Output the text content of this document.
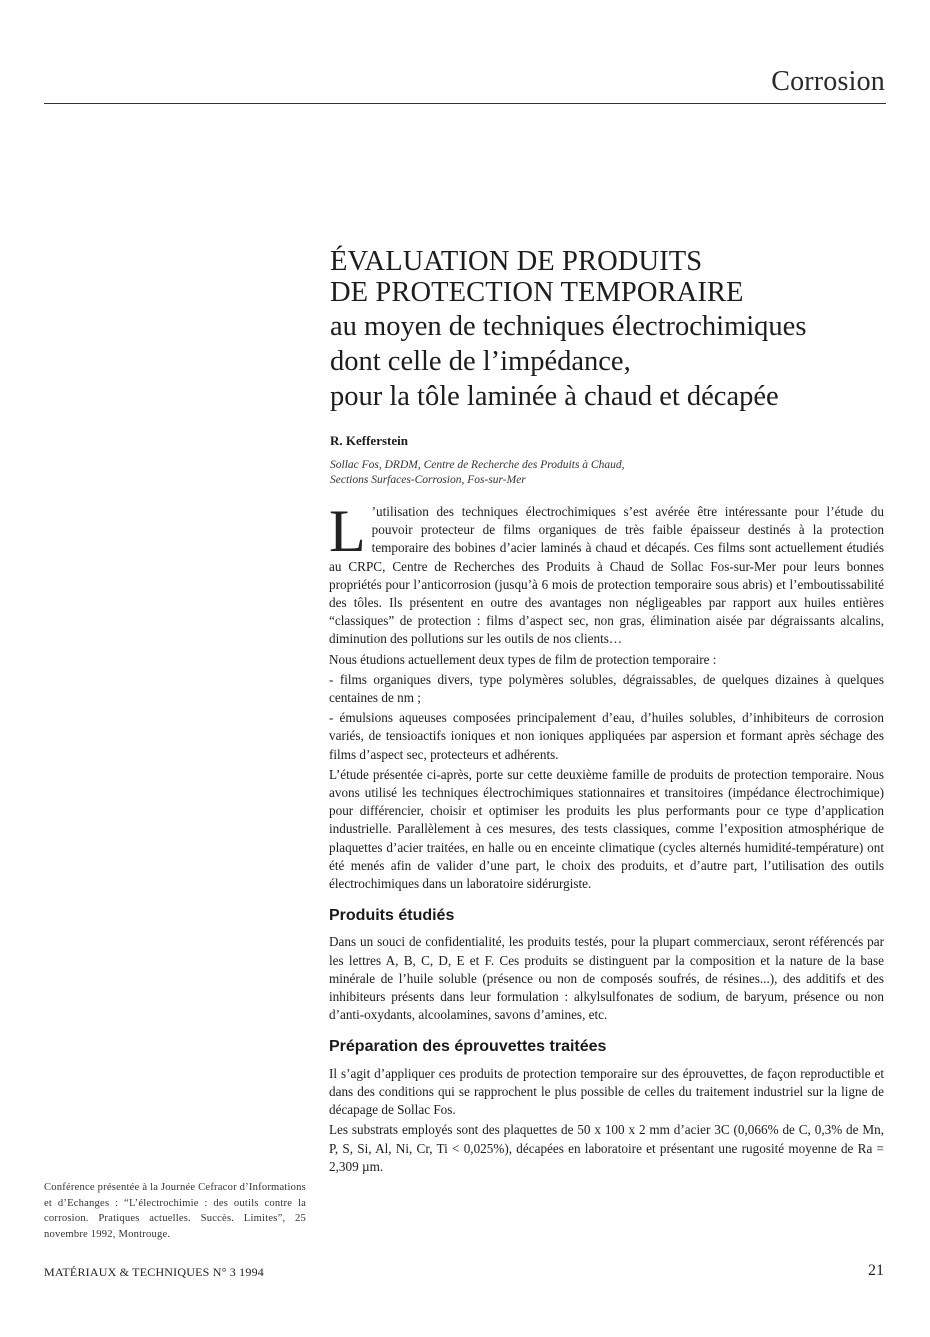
Corrosion
ÉVALUATION DE PRODUITS
DE PROTECTION TEMPORAIRE
au moyen de techniques électrochimiques
dont celle de l’impédance,
pour la tôle laminée à chaud et décapée
R. Kefferstein
Sollac Fos, DRDM, Centre de Recherche des Produits à Chaud,
Sections Surfaces-Corrosion, Fos-sur-Mer

L ’utilisation des techniques électrochimiques s’est avérée être intéressante pour l’étude du pouvoir protecteur de films organiques de très faible épaisseur destinés à la protection temporaire des bobines d’acier laminés à chaud et décapés. Ces films sont actuellement étudiés au CRPC, Centre de Recherches des Produits à Chaud de Sollac Fos-sur-Mer pour leurs bonnes propriétés pour l’anticorrosion (jusqu’à 6 mois de protection temporaire sous abris) et l’emboutissabilité des tôles. Ils présentent en outre des avantages non négligeables par rapport aux huiles entières “classiques” de protection : films d’aspect sec, non gras, élimination aisée par dégraissants alcalins, diminution des pollutions sur les outils de nos clients…

Nous étudions actuellement deux types de film de protection temporaire :

- films organiques divers, type polymères solubles, dégraissables, de quelques dizaines à quelques centaines de nm ;

- émulsions aqueuses composées principalement d’eau, d’huiles solubles, d’inhibiteurs de corrosion variés, de tensioactifs ioniques et non ioniques appliquées par aspersion et formant après séchage des films d’aspect sec, protecteurs et adhérents.

L’étude présentée ci-après, porte sur cette deuxième famille de produits de protection temporaire. Nous avons utilisé les techniques électrochimiques stationnaires et transitoires (impédance électrochimique) pour différencier, choisir et optimiser les produits les plus performants pour ce type d’application industrielle. Parallèlement à ces mesures, des tests classiques, comme l’exposition atmosphérique de plaquettes d’acier traitées, en halle ou en enceinte climatique (cycles alternés humidité-température) ont été menés afin de valider d’une part, le choix des produits, et d’autre part, l’utilisation des outils électrochimiques dans un laboratoire sidérurgiste.

Produits étudiés

Dans un souci de confidentialité, les produits testés, pour la plupart commerciaux, seront référencés par les lettres A, B, C, D, E et F. Ces produits se distinguent par la composition et la nature de la base minérale de l’huile soluble (présence ou non de composés soufrés, de résines...), des additifs et des inhibiteurs présents dans leur formulation : alkylsulfonates de sodium, de baryum, présence ou non d’anti-oxydants, alcoolamines, savons d’amines, etc.

Préparation des éprouvettes traitées

Il s’agit d’appliquer ces produits de protection temporaire sur des éprouvettes, de façon reproductible et dans des conditions qui se rapprochent le plus possible de celles du traitement industriel sur la ligne de décapage de Sollac Fos.

Les substrats employés sont des plaquettes de 50 x 100 x 2 mm d’acier 3C (0,066% de C, 0,3% de Mn, P, S, Si, Al, Ni, Cr, Ti < 0,025%), décapées en laboratoire et présentant une rugosité moyenne de Ra = 2,309 µm.

Conférence présentée à la Journée Cefracor d’Informations et d’Echanges : “L’électrochimie : des outils contre la corrosion. Pratiques actuelles. Succès. Limites”, 25 novembre 1992, Montrouge.
MATÉRIAUX & TECHNIQUES N° 3 1994	21
